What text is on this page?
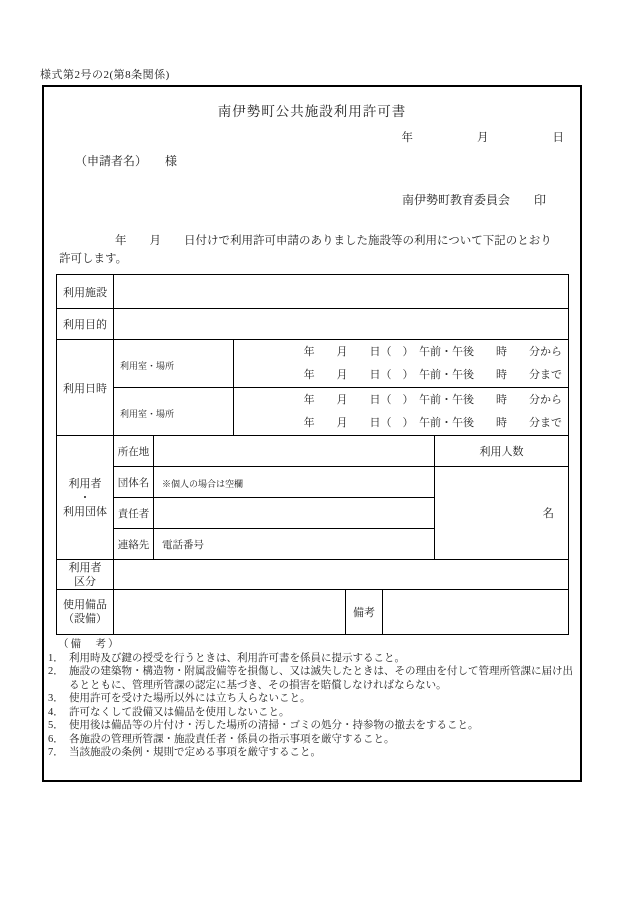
様式第2号の2(第8条関係)
南伊勢町公共施設利用許可書
年	月	日
（申請者名）　　様
南伊勢町教育委員会　　印
年　　月　　日付けで利用許可申請のありました施設等の利用について下記のとおり
許可します。
利用施設						
利用目的						
利用日時	利用室・場所		年　　月　　日（　）　午前・午後　　時　　分から
年　　月　　日（　）　午前・午後　　時　　分まで			
	利用室・場所		年　　月　　日（　）　午前・午後　　時　　分から
年　　月　　日（　）　午前・午後　　時　　分まで			
利用者
・
利用団体	所在地					利用人数
	団体名	※個人の場合は空欄				名
	責任者					
	連絡先	電話番号				
利用者
区分						
使用備品
（設備）				備考		
（備　考）
1． 利用時及び鍵の授受を行うときは、利用許可書を係員に提示すること。
2． 施設の建築物・構造物・附属設備等を損傷し、又は滅失したときは、その理由を付して管理所管課に届け出るとともに、管理所管課の認定に基づき、その損害を賠償しなければならない。
3． 使用許可を受けた場所以外には立ち入らないこと。
4． 許可なくして設備又は備品を使用しないこと。
5． 使用後は備品等の片付け・汚した場所の清掃・ゴミの処分・持参物の撤去をすること。
6． 各施設の管理所管課・施設責任者・係員の指示事項を厳守すること。
7． 当該施設の条例・規則で定める事項を厳守すること。
